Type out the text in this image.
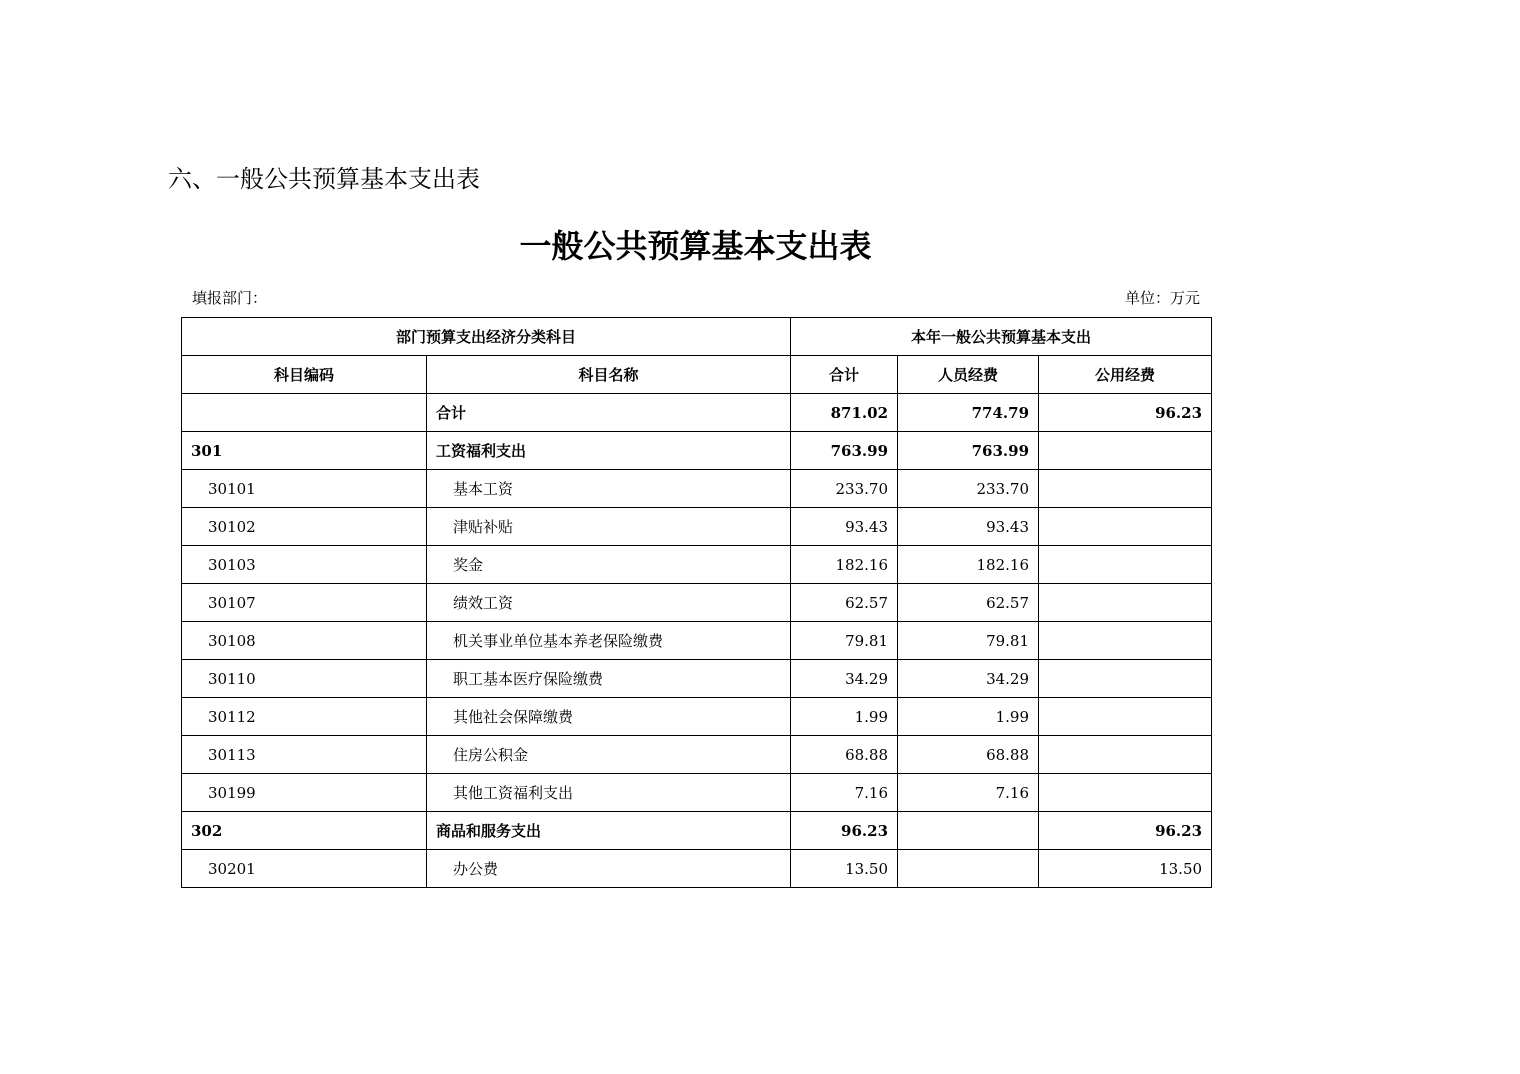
六、一般公共预算基本支出表
一般公共预算基本支出表
填报部门：	单位：万元
部门预算支出经济分类科目		本年一般公共预算基本支出		
科目编码	科目名称	合计	人员经费	公用经费
	合计	871.02	774.79	96.23
301	工资福利支出	763.99	763.99	
30101	基本工资	233.70	233.70	
30102	津贴补贴	93.43	93.43	
30103	奖金	182.16	182.16	
30107	绩效工资	62.57	62.57	
30108	机关事业单位基本养老保险缴费	79.81	79.81	
30110	职工基本医疗保险缴费	34.29	34.29	
30112	其他社会保障缴费	1.99	1.99	
30113	住房公积金	68.88	68.88	
30199	其他工资福利支出	7.16	7.16	
302	商品和服务支出	96.23		96.23
30201	办公费	13.50		13.50
